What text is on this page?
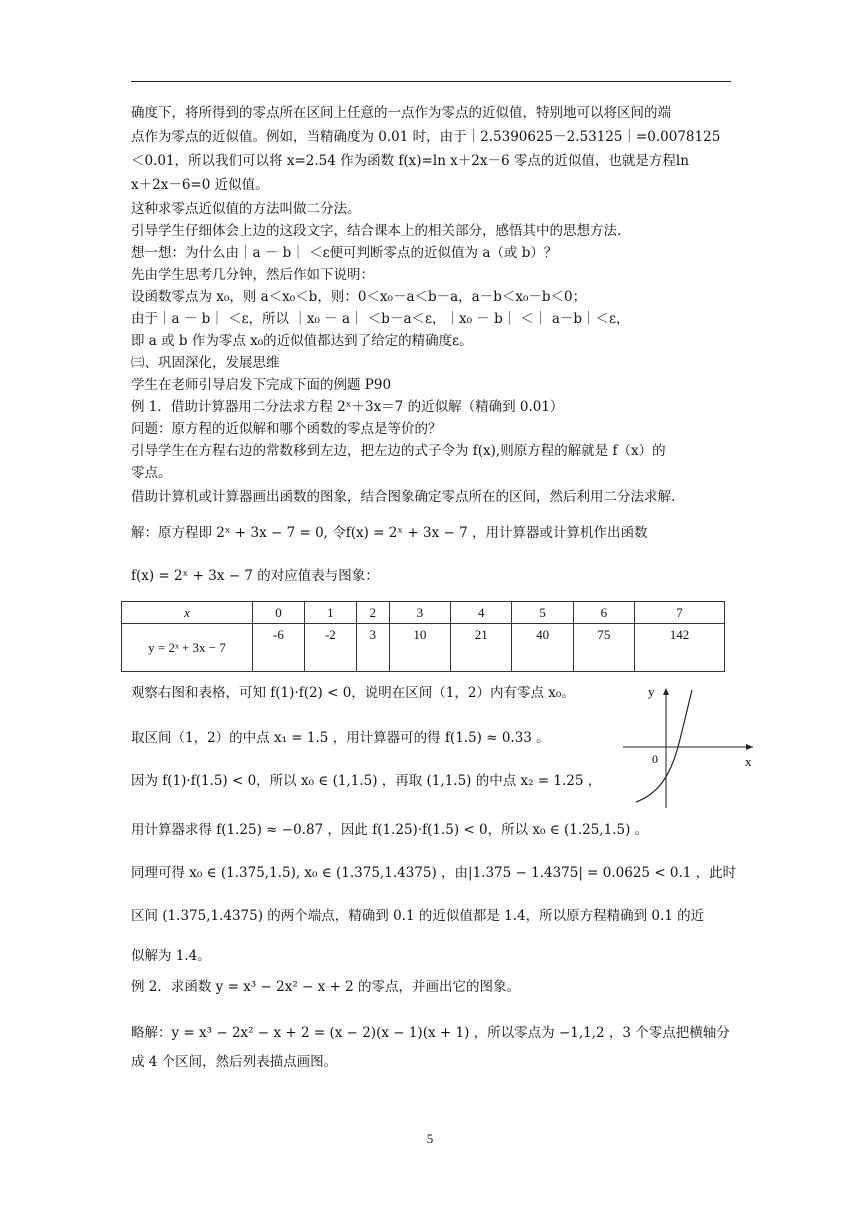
确度下，将所得到的零点所在区间上任意的一点作为零点的近似值，特别地可以将区间的端
点作为零点的近似值。例如，当精确度为 0.01 时，由于｜2.5390625－2.53125｜=0.0078125
＜0.01，所以我们可以将 x=2.54 作为函数 f(x)=ln x＋2x－6 零点的近似值，也就是方程ln
x＋2x－6=0 近似值。
这种求零点近似值的方法叫做二分法。
引导学生仔细体会上边的这段文字，结合课本上的相关部分，感悟其中的思想方法.
想一想：为什么由｜a － b｜ ＜ε便可判断零点的近似值为 a（或 b）？
先由学生思考几分钟，然后作如下说明：
设函数零点为 x₀，则 a＜x₀＜b，则：0＜x₀－a＜b－a，a－b＜x₀－b＜0；
由于｜a － b｜ ＜ε，所以 ｜x₀ － a｜ ＜b－a＜ε，｜x₀ － b｜ ＜｜ a－b｜＜ε，
即 a 或 b 作为零点 x₀的近似值都达到了给定的精确度ε。
㈢、巩固深化，发展思维
学生在老师引导启发下完成下面的例题 P90
例 1．借助计算器用二分法求方程 2ˣ＋3x＝7 的近似解（精确到 0.01）
问题：原方程的近似解和哪个函数的零点是等价的？
引导学生在方程右边的常数移到左边，把左边的式子令为 f(x),则原方程的解就是 f（x）的
零点。
借助计算机或计算器画出函数的图象，结合图象确定零点所在的区间，然后利用二分法求解.
解：原方程即 2ˣ + 3x − 7 = 0, 令f(x) = 2ˣ + 3x − 7 ，用计算器或计算机作出函数
f(x) = 2ˣ + 3x − 7 的对应值表与图象：
x	0	1	2	3	4	5	6	7
y = 2ˣ + 3x − 7	-6	-2	3	10	21	40	75	142
观察右图和表格，可知 f(1)·f(2) < 0，说明在区间（1，2）内有零点 x₀。
取区间（1，2）的中点 x₁ = 1.5 ，用计算器可的得 f(1.5) ≈ 0.33 。
因为 f(1)·f(1.5) < 0，所以 x₀ ∈ (1,1.5) ，再取 (1,1.5) 的中点 x₂ = 1.25 ，
用计算器求得 f(1.25) ≈ −0.87 ，因此 f(1.25)·f(1.5) < 0，所以 x₀ ∈ (1.25,1.5) 。
同理可得 x₀ ∈ (1.375,1.5), x₀ ∈ (1.375,1.4375) ，由|1.375 − 1.4375| = 0.0625 < 0.1 ，此时
区间 (1.375,1.4375) 的两个端点，精确到 0.1 的近似值都是 1.4，所以原方程精确到 0.1 的近
似解为 1.4。
例 2．求函数 y = x³ − 2x² − x + 2 的零点，并画出它的图象。
略解：y = x³ − 2x² − x + 2 = (x − 2)(x − 1)(x + 1) ，所以零点为 −1,1,2 ，3 个零点把横轴分
成 4 个区间，然后列表描点画图。
y
x
0
5
